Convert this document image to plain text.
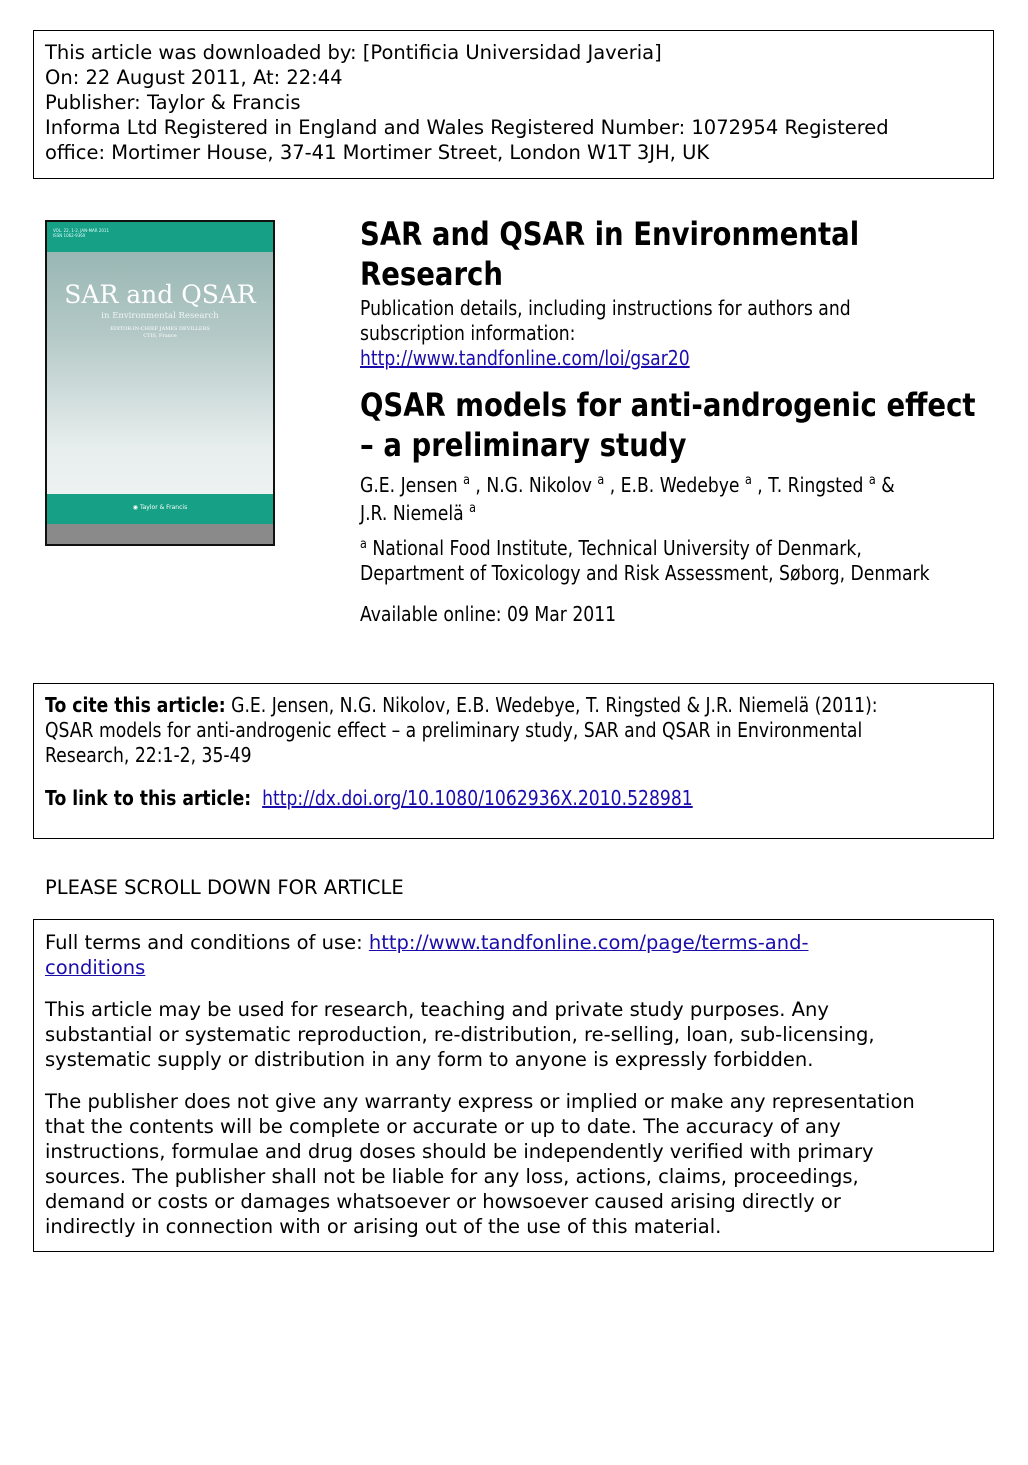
This article was downloaded by: [Pontificia Universidad Javeria]
On: 22 August 2011, At: 22:44
Publisher: Taylor & Francis
Informa Ltd Registered in England and Wales Registered Number: 1072954 Registered
office: Mortimer House, 37-41 Mortimer Street, London W1T 3JH, UK
VOL. 22, 1-2, JAN-MAR 2011
ISSN 1062-936X
SAR and QSAR
in Environmental Research
EDITOR-IN-CHIEF JAMES DEVILLERS
CTIS, France
◉ Taylor & Francis
SAR and QSAR in Environmental
Research
Publication details, including instructions for authors and
subscription information:
http://www.tandfonline.com/loi/gsar20
QSAR models for anti-androgenic effect
– a preliminary study
G.E. Jensen $^a$ , N.G. Nikolov $^a$ , E.B. Wedebye $^a$ , T. Ringsted $^a$ &
J.R. Niemelä $^a$
$^a$ National Food Institute, Technical University of Denmark,
Department of Toxicology and Risk Assessment, Søborg, Denmark
Available online: 09 Mar 2011
To cite this article: G.E. Jensen, N.G. Nikolov, E.B. Wedebye, T. Ringsted & J.R. Niemelä (2011):
QSAR models for anti-androgenic effect – a preliminary study, SAR and QSAR in Environmental
Research, 22:1-2, 35-49
To link to this article: http://dx.doi.org/10.1080/1062936X.2010.528981
PLEASE SCROLL DOWN FOR ARTICLE

Full terms and conditions of use: http://www.tandfonline.com/page/terms-and-
conditions

This article may be used for research, teaching and private study purposes. Any
substantial or systematic reproduction, re-distribution, re-selling, loan, sub-licensing,
systematic supply or distribution in any form to anyone is expressly forbidden.

The publisher does not give any warranty express or implied or make any representation
that the contents will be complete or accurate or up to date. The accuracy of any
instructions, formulae and drug doses should be independently verified with primary
sources. The publisher shall not be liable for any loss, actions, claims, proceedings,
demand or costs or damages whatsoever or howsoever caused arising directly or
indirectly in connection with or arising out of the use of this material.
